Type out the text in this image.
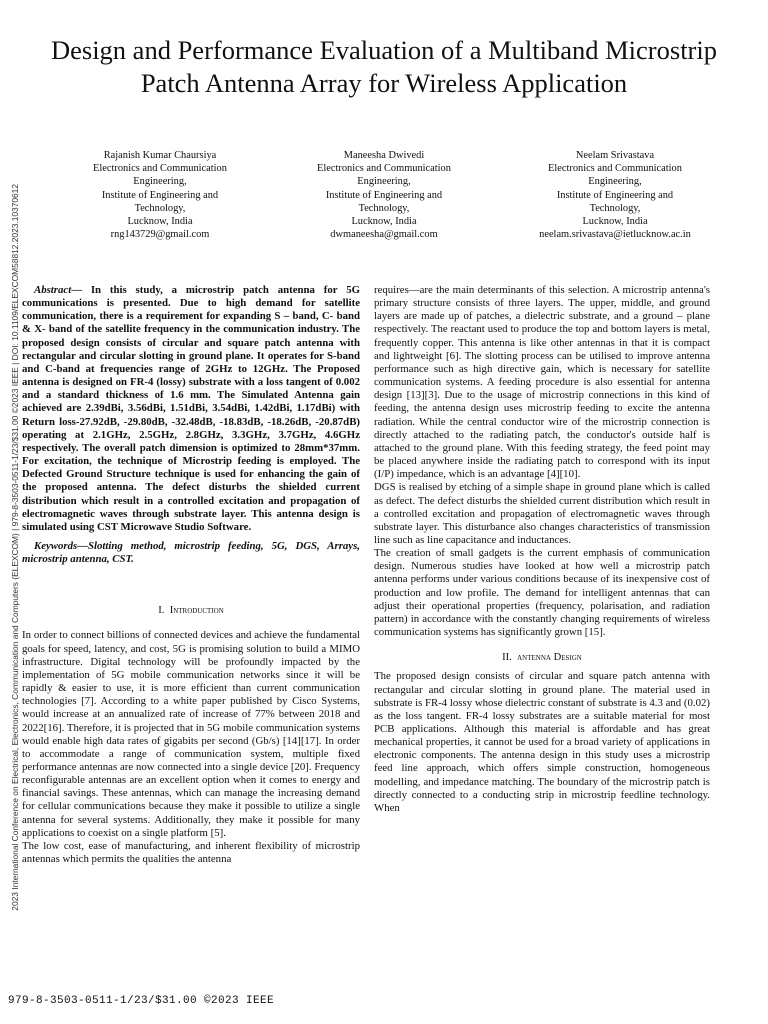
Design and Performance Evaluation of a Multiband Microstrip Patch Antenna Array for Wireless Application
Rajanish Kumar Chaursiya
Electronics and Communication
Engineering,
Institute of Engineering and
Technology,
Lucknow, India
rng143729@gmail.com
Maneesha Dwivedi
Electronics and Communication
Engineering,
Institute of Engineering and
Technology,
Lucknow, India
dwmaneesha@gmail.com
Neelam Srivastava
Electronics and Communication
Engineering,
Institute of Engineering and
Technology,
Lucknow, India
neelam.srivastava@ietlucknow.ac.in
2023 International Conference on Electrical, Electronics, Communication and Computers (ELEXCOM) | 979-8-3503-0511-1/23/$31.00 ©2023 IEEE | DOI: 10.1109/ELEXCOM58812.2023.10370612	Abstract— In this study, a microstrip patch antenna for 5G communications is presented. Due to high demand for satellite communication, there is a requirement for expanding S – band, C- band & X- band of the satellite frequency in the communication industry. The proposed design consists of circular and square patch antenna with rectangular and circular slotting in ground plane. It operates for S-band and C-band at frequencies range of 2GHz to 12GHz. The Proposed antenna is designed on FR-4 (lossy) substrate with a loss tangent of 0.002 and a standard thickness of 1.6 mm. The Simulated Antenna gain achieved are 2.39dBi, 3.56dBi, 1.51dBi, 3.54dBi, 1.42dBi, 1.17dBi) with Return loss-27.92dB, -29.80dB, -32.48dB, -18.83dB, -18.26dB, -20.87dB) operating at 2.1GHz, 2.5GHz, 2.8GHz, 3.3GHz, 3.7GHz, 4.6GHz respectively. The overall patch dimension is optimized to 28mm*37mm. For excitation, the technique of Microstrip feeding is employed. The Defected Ground Structure technique is used for enhancing the gain of the proposed antenna. The defect disturbs the shielded current distribution which result in a controlled excitation and propagation of electromagnetic waves through substrate layer. This antenna design is simulated using CST Microwave Studio Software.

Keywords—Slotting method, microstrip feeding, 5G, DGS, Arrays, microstrip antenna, CST.

I. Introduction

In order to connect billions of connected devices and achieve the fundamental goals for speed, latency, and cost, 5G is promising solution to build a MIMO infrastructure. Digital technology will be profoundly impacted by the implementation of 5G mobile communication networks since it will be rapidly & easier to use, it is more efficient than current communication technologies [7]. According to a white paper published by Cisco Systems, would increase at an annualized rate of increase of 77% between 2018 and 2022[16]. Therefore, it is projected that in 5G mobile communication systems would enable high data rates of gigabits per second (Gb/s) [14][17]. In order to accommodate a range of communication system, multiple fixed performance antennas are now connected into a single device [20]. Frequency reconfigurable antennas are an excellent option when it comes to energy and financial savings. These antennas, which can manage the increasing demand for cellular communications because they make it possible to utilize a single antenna for several systems. Additionally, they make it possible for many applications to coexist on a single platform [5].

The low cost, ease of manufacturing, and inherent flexibility of microstrip antennas which permits the qualities the antenna

requires—are the main determinants of this selection. A microstrip antenna's primary structure consists of three layers. The upper, middle, and ground layers are made up of patches, a dielectric substrate, and a ground – plane respectively. The reactant used to produce the top and bottom layers is metal, frequently copper. This antenna is like other antennas in that it is compact and lightweight [6]. The slotting process can be utilised to improve antenna performance such as high directive gain, which is necessary for satellite communication systems. A feeding procedure is also essential for antenna design [13][3]. Due to the usage of microstrip connections in this kind of feeding, the antenna design uses microstrip feeding to excite the antenna radiation. While the central conductor wire of the microstrip connection is directly attached to the radiating patch, the conductor's outside half is attached to the ground plane. With this feeding strategy, the feed point may be placed anywhere inside the radiating patch to correspond with its input (I/P) impedance, which is an advantage [4][10].

DGS is realised by etching of a simple shape in ground plane which is called as defect. The defect disturbs the shielded current distribution which result in a controlled excitation and propagation of electromagnetic waves through substrate layer. This disturbance also changes characteristics of transmission line such as line capacitance and inductances.

The creation of small gadgets is the current emphasis of communication design. Numerous studies have looked at how well a microstrip patch antenna performs under various conditions because of its inexpensive cost of production and low profile. The demand for intelligent antennas that can adjust their operational properties (frequency, polarisation, and radiation pattern) in accordance with the constantly changing requirements of wireless communication systems has significantly grown [15].

II. antenna Design

The proposed design consists of circular and square patch antenna with rectangular and circular slotting in ground plane. The material used in substrate is FR-4 lossy whose dielectric constant of substrate is 4.3 and (0.02) as the loss tangent. FR-4 lossy substrates are a suitable material for most PCB applications. Although this material is affordable and has great mechanical properties, it cannot be used for a broad variety of applications in electronic components. The antenna design in this study uses a microstrip feed line approach, which offers simple construction, homogeneous modelling, and impedance matching. The boundary of the microstrip patch is directly connected to a conducting strip in microstrip feedline technology. When

979-8-3503-0511-1/23/$31.00 ©2023 IEEE
